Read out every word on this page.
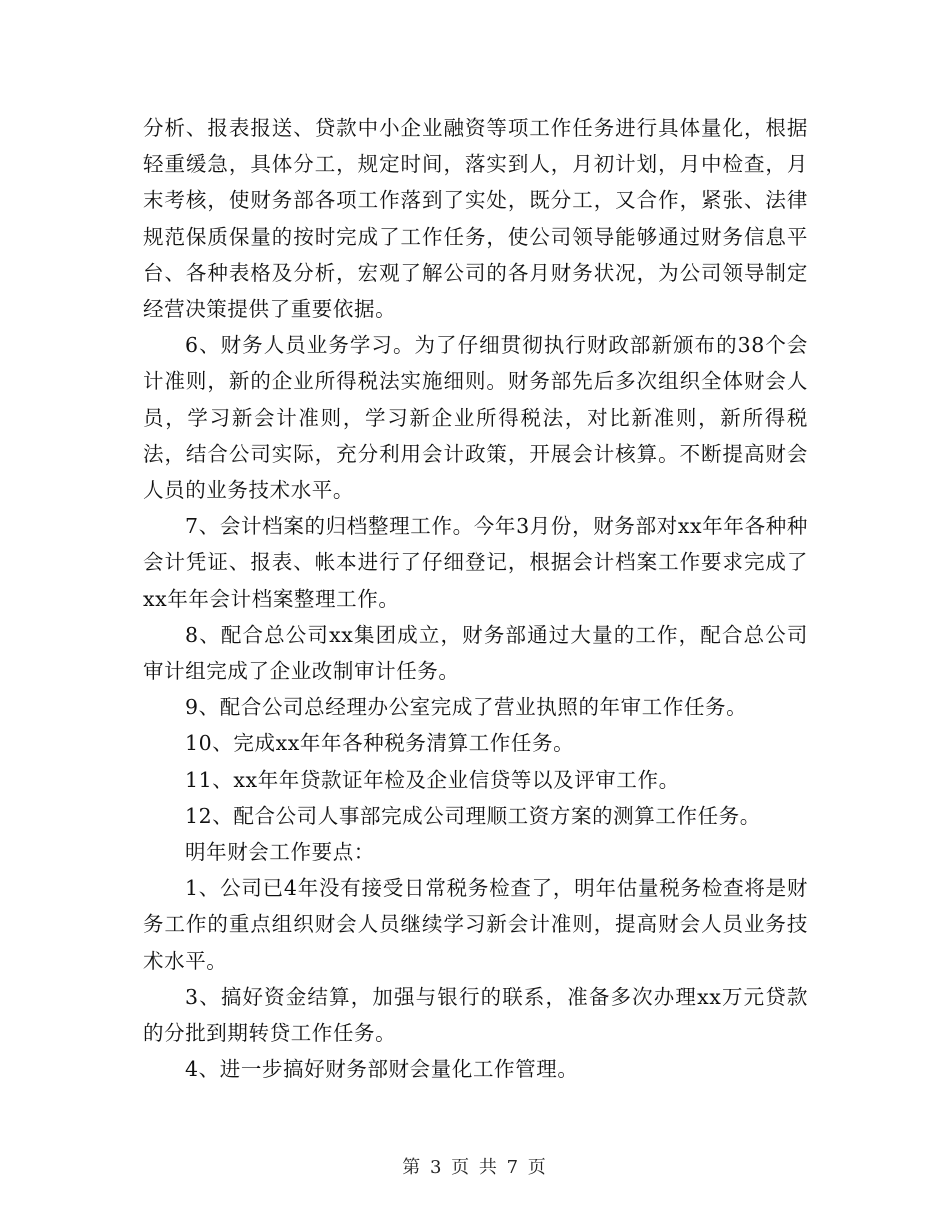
分析、报表报送、贷款中小企业融资等项工作任务进行具体量化，根据轻重缓急，具体分工，规定时间，落实到人，月初计划，月中检查，月末考核，使财务部各项工作落到了实处，既分工，又合作，紧张、法律规范保质保量的按时完成了工作任务，使公司领导能够通过财务信息平台、各种表格及分析，宏观了解公司的各月财务状况，为公司领导制定经营决策提供了重要依据。

6、财务人员业务学习。为了仔细贯彻执行财政部新颁布的38个会计准则，新的企业所得税法实施细则。财务部先后多次组织全体财会人员，学习新会计准则，学习新企业所得税法，对比新准则，新所得税法，结合公司实际，充分利用会计政策，开展会计核算。不断提高财会人员的业务技术水平。

7、会计档案的归档整理工作。今年3月份，财务部对xx年年各种种会计凭证、报表、帐本进行了仔细登记，根据会计档案工作要求完成了xx年年会计档案整理工作。

8、配合总公司xx集团成立，财务部通过大量的工作，配合总公司审计组完成了企业改制审计任务。

9、配合公司总经理办公室完成了营业执照的年审工作任务。

10、完成xx年年各种税务清算工作任务。

11、xx年年贷款证年检及企业信贷等以及评审工作。

12、配合公司人事部完成公司理顺工资方案的测算工作任务。

明年财会工作要点：

1、公司已4年没有接受日常税务检查了，明年估量税务检查将是财务工作的重点组织财会人员继续学习新会计准则，提高财会人员业务技术水平。

3、搞好资金结算，加强与银行的联系，准备多次办理xx万元贷款的分批到期转贷工作任务。

4、进一步搞好财务部财会量化工作管理。

第 3 页 共 7 页
